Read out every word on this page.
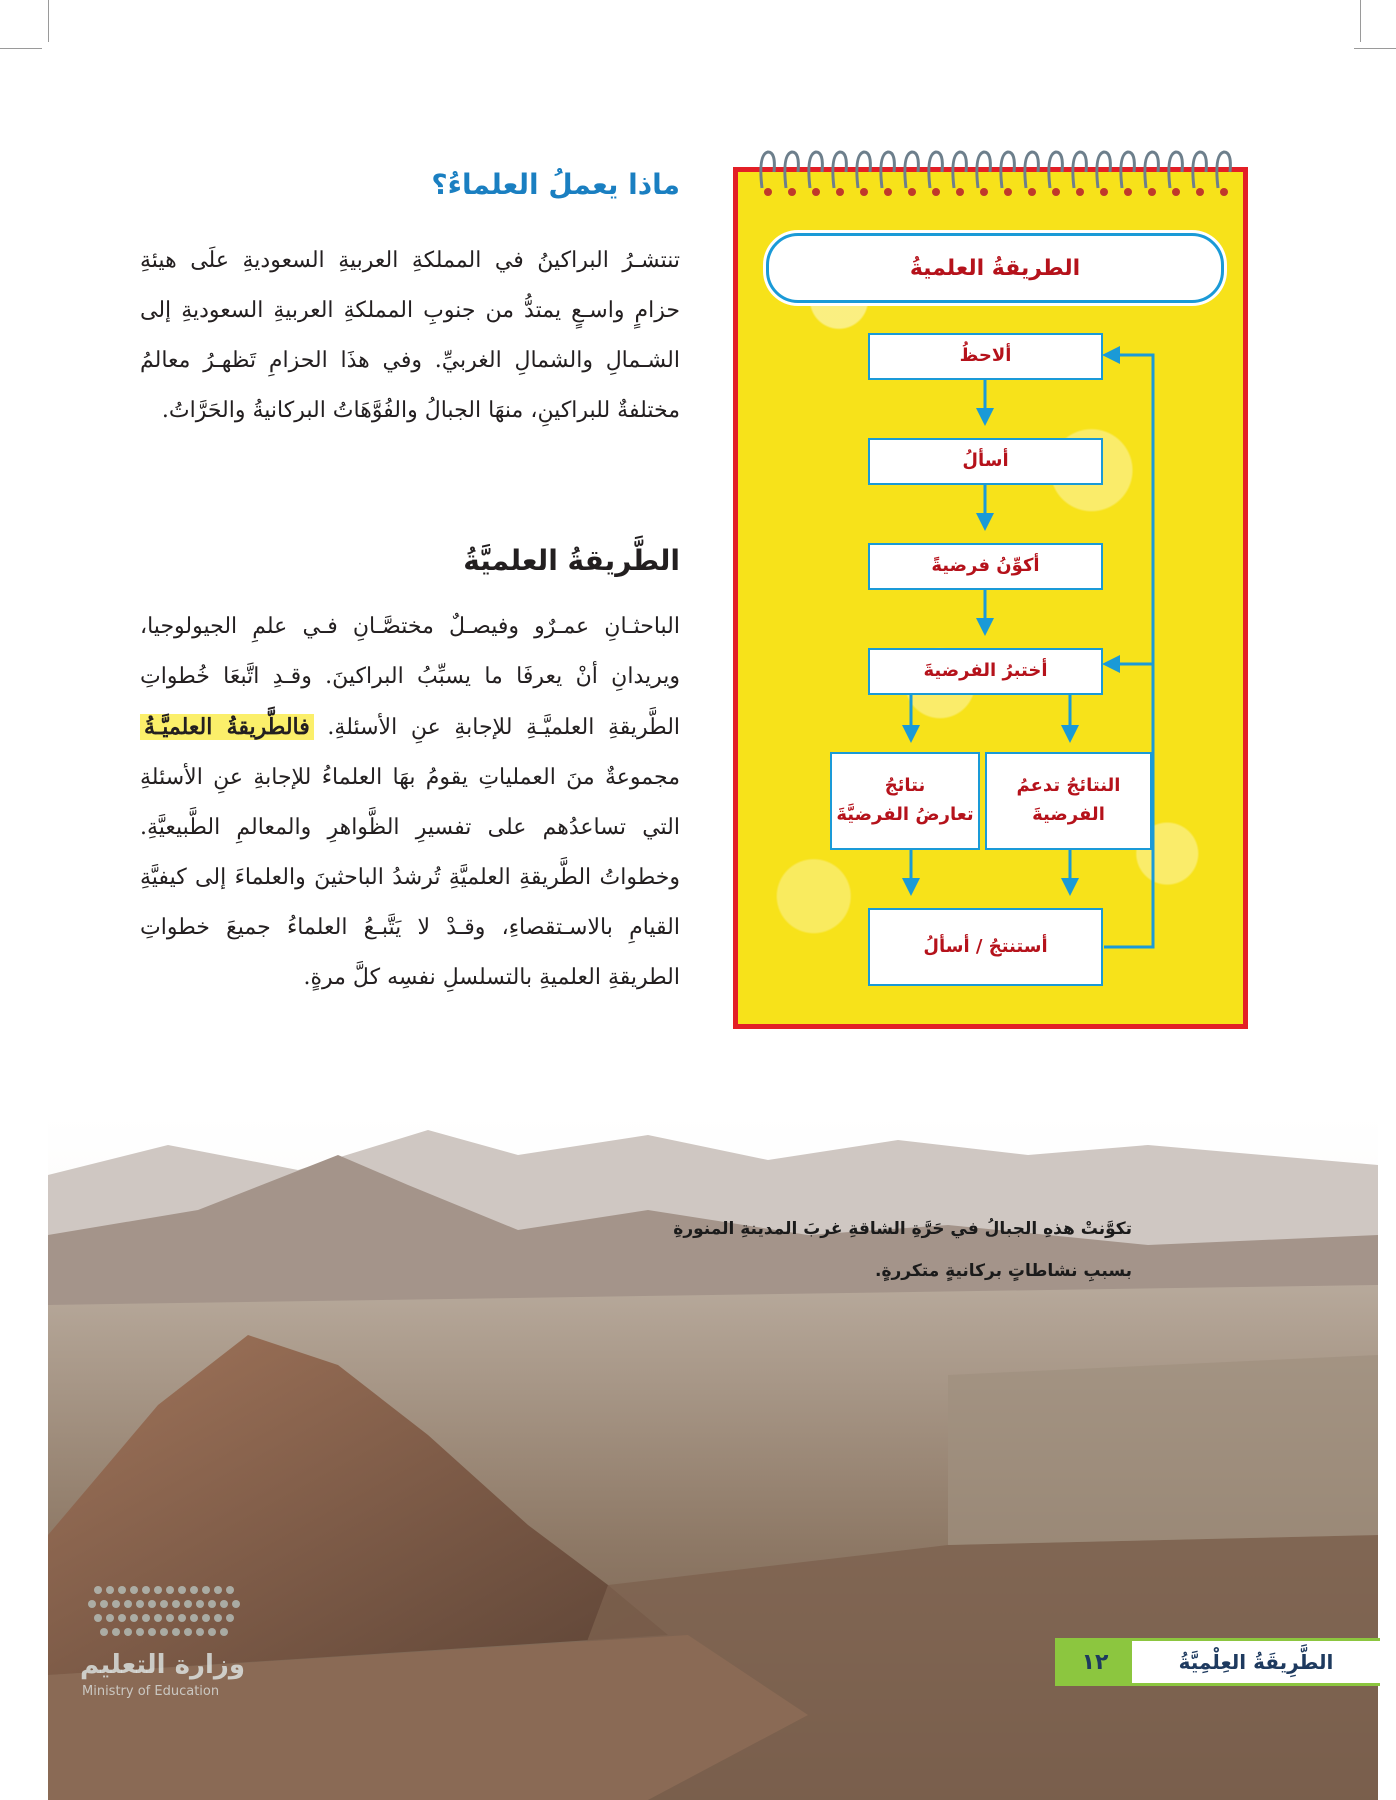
ماذا يعملُ العلماءُ؟
تنتشـرُ البراكينُ في المملكةِ العربيةِ السعوديةِ علَى هيئةِ حزامٍ واسـعٍ يمتدُّ من جنوبِ المملكةِ العربيةِ السعوديةِ إلى الشـمالِ والشمالِ الغربيِّ. وفي هذَا الحزامِ تَظهـرُ معالمُ مختلفةٌ للبراكينِ، منهَا الجبالُ والفُوَّهَاتُ البركانيةُ والحَرَّاتُ.
الطَّريقةُ العلميَّةُ
الباحثـانِ عمـرٌو وفيصـلٌ مختصَّـانِ فـي علمِ الجيولوجيا، ويريدانِ أنْ يعرفَا ما يسبِّبُ البراكينَ. وقـدِ اتَّبعَا خُطواتِ الطَّريقةِ العلميَّـةِ للإجابةِ عنِ الأسئلةِ. فالطَّريقةُ العلميَّـةُ مجموعةٌ منَ العملياتِ يقومُ بهَا العلماءُ للإجابةِ عنِ الأسئلةِ التي تساعدُهم على تفسيرِ الظَّواهرِ والمعالمِ الطَّبيعيَّةِ. وخطواتُ الطَّريقةِ العلميَّةِ تُرشدُ الباحثينَ والعلماءَ إلى كيفيَّةِ القيامِ بالاسـتقصاءِ، وقـدْ لا يَتَّبـعُ العلماءُ جميعَ خطواتِ الطريقةِ العلميةِ بالتسلسلِ نفسِه كلَّ مرةٍ.
الطريقةُ العلميةُ
ألاحظُ
أسألُ
أكوِّنُ فرضيةً
أختبرُ الفرضيةَ
النتائجُ تدعمُ
الفرضيةَ
نتائجُ
تعارضُ الفرضيَّةَ
أستنتجُ / أسألُ
تكوَّنتْ هذهِ الجبالُ في حَرَّةِ الشاقةِ غربَ المدينةِ المنورةِ
بسببِ نشاطاتٍ بركانيةٍ متكررةٍ.
وزارة التعليم
Ministry of Education
الطَّرِيقَةُ العِلْمِيَّةُ
١٢
